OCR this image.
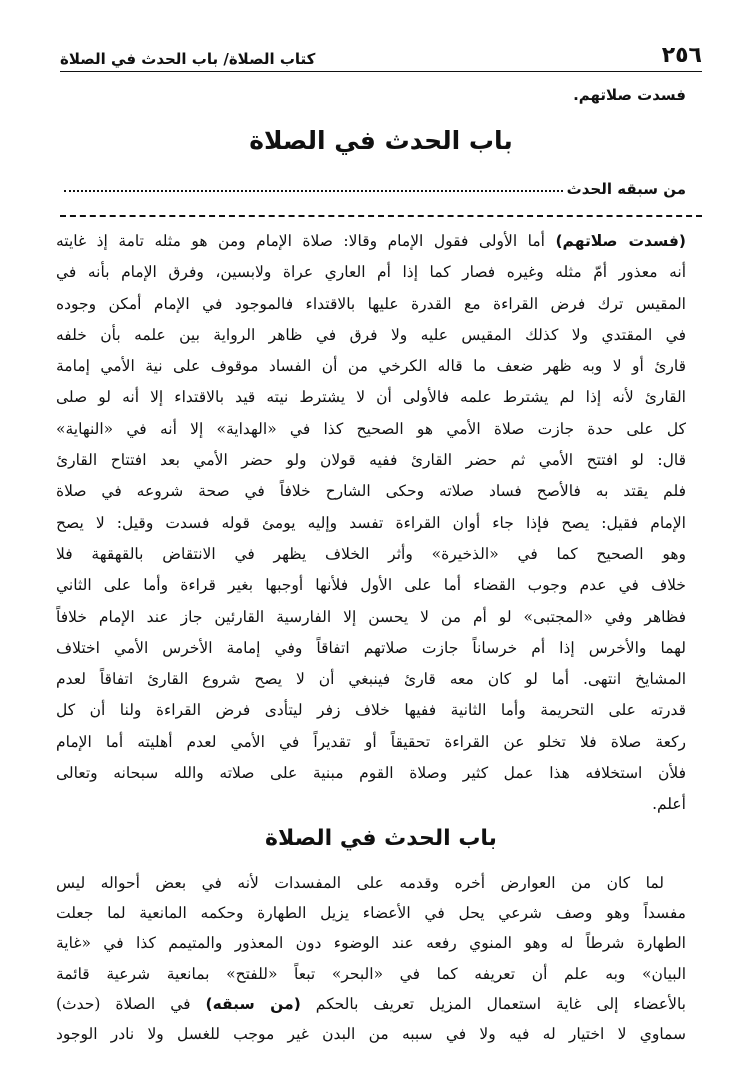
٢٥٦
كتاب الصلاة/ باب الحدث في الصلاة
فسدت صلاتهم.
باب الحدث في الصلاة
من سبقه الحدث
(فسدت صلاتهم) أما الأولى فقول الإمام وقالا: صلاة الإمام ومن هو مثله تامة إذ غايته
أنه معذور أمّ مثله وغيره فصار كما إذا أم العاري عراة ولابسين، وفرق الإمام بأنه في
المقيس ترك فرض القراءة مع القدرة عليها بالاقتداء فالموجود في الإمام أمكن وجوده
في المقتدي ولا كذلك المقيس عليه ولا فرق في ظاهر الرواية بين علمه بأن خلفه
قارئ أو لا وبه ظهر ضعف ما قاله الكرخي من أن الفساد موقوف على نية الأمي إمامة
القارئ لأنه إذا لم يشترط علمه فالأولى أن لا يشترط نيته قيد بالاقتداء إلا أنه لو صلى
كل على حدة جازت صلاة الأمي هو الصحيح كذا في «الهداية» إلا أنه في «النهاية»
قال: لو افتتح الأمي ثم حضر القارئ ففيه قولان ولو حضر الأمي بعد افتتاح القارئ
فلم يقتد به فالأصح فساد صلاته وحكى الشارح خلافاً في صحة شروعه في صلاة
الإمام فقيل: يصح فإذا جاء أوان القراءة تفسد وإليه يومئ قوله فسدت وقيل: لا يصح
وهو الصحيح كما في «الذخيرة» وأثر الخلاف يظهر في الانتقاض بالقهقهة فلا
خلاف في عدم وجوب القضاء أما على الأول فلأنها أوجبها بغير قراءة وأما على الثاني
فظاهر وفي «المجتبى» لو أم من لا يحسن إلا الفارسية القارئين جاز عند الإمام خلافاً
لهما والأخرس إذا أم خرساناً جازت صلاتهم اتفاقاً وفي إمامة الأخرس الأمي اختلاف
المشايخ انتهى. أما لو كان معه قارئ فينبغي أن لا يصح شروع القارئ اتفاقاً لعدم
قدرته على التحريمة وأما الثانية ففيها خلاف زفر ليتأدى فرض القراءة ولنا أن كل
ركعة صلاة فلا تخلو عن القراءة تحقيقاً أو تقديراً في الأمي لعدم أهليته أما الإمام
فلأن استخلافه هذا عمل كثير وصلاة القوم مبنية على صلاته والله سبحانه وتعالى
أعلم.
باب الحدث في الصلاة
لما كان من العوارض أخره وقدمه على المفسدات لأنه في بعض أحواله ليس
مفسداً وهو وصف شرعي يحل في الأعضاء يزيل الطهارة وحكمه المانعية لما جعلت
الطهارة شرطاً له وهو المنوي رفعه عند الوضوء دون المعذور والمتيمم كذا في «غاية
البيان» وبه علم أن تعريفه كما في «البحر» تبعاً «للفتح» بمانعية شرعية قائمة
بالأعضاء إلى غاية استعمال المزيل تعريف بالحكم (من سبقه) في الصلاة (حدث)
سماوي لا اختيار له فيه ولا في سببه من البدن غير موجب للغسل ولا نادر الوجود
